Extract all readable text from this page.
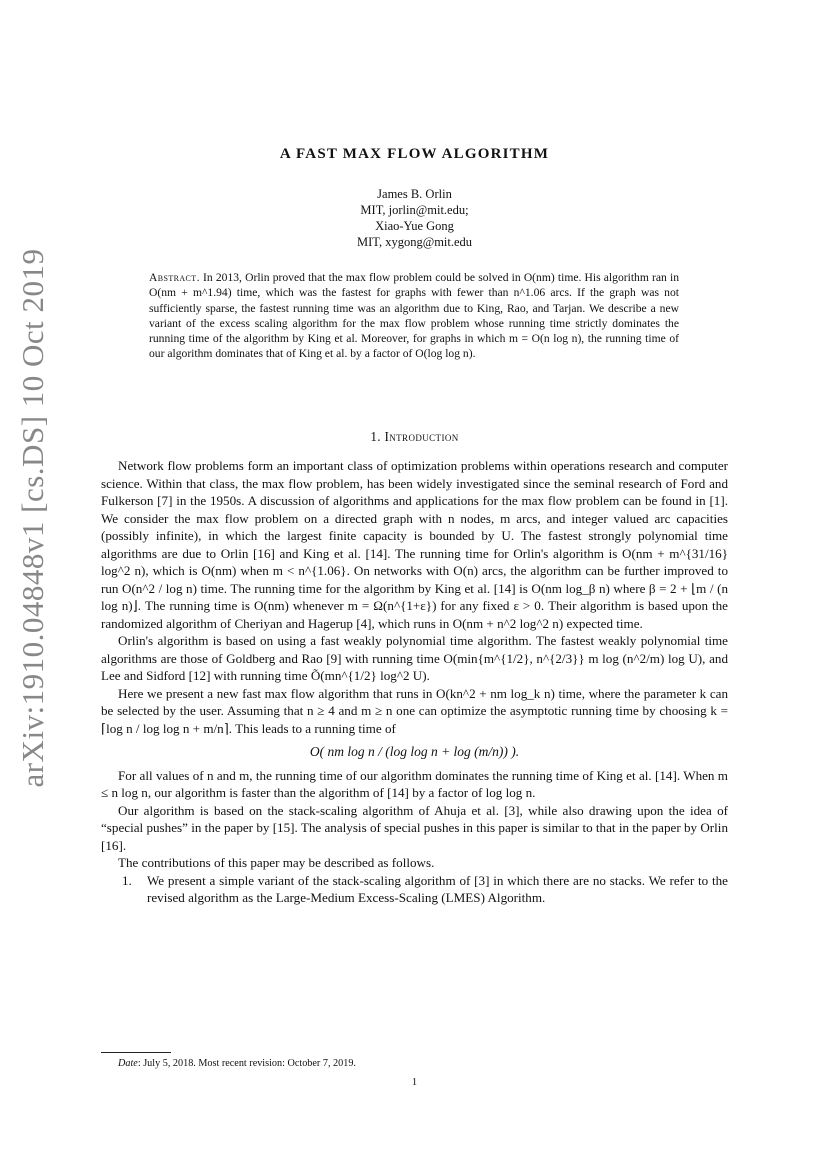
arXiv:1910.04848v1 [cs.DS] 10 Oct 2019
A FAST MAX FLOW ALGORITHM
James B. Orlin
MIT, jorlin@mit.edu;
Xiao-Yue Gong
MIT, xygong@mit.edu
Abstract. In 2013, Orlin proved that the max flow problem could be solved in O(nm) time. His algorithm ran in O(nm + m^1.94) time, which was the fastest for graphs with fewer than n^1.06 arcs. If the graph was not sufficiently sparse, the fastest running time was an algorithm due to King, Rao, and Tarjan. We describe a new variant of the excess scaling algorithm for the max flow problem whose running time strictly dominates the running time of the algorithm by King et al. Moreover, for graphs in which m = O(n log n), the running time of our algorithm dominates that of King et al. by a factor of O(log log n).
1. Introduction

Network flow problems form an important class of optimization problems within operations research and computer science. Within that class, the max flow problem, has been widely investigated since the seminal research of Ford and Fulkerson [7] in the 1950s. A discussion of algorithms and applications for the max flow problem can be found in [1]. We consider the max flow problem on a directed graph with n nodes, m arcs, and integer valued arc capacities (possibly infinite), in which the largest finite capacity is bounded by U. The fastest strongly polynomial time algorithms are due to Orlin [16] and King et al. [14]. The running time for Orlin's algorithm is O(nm + m^{31/16} log^2 n), which is O(nm) when m < n^{1.06}. On networks with O(n) arcs, the algorithm can be further improved to run O(n^2 / log n) time. The running time for the algorithm by King et al. [14] is O(nm log_β n) where β = 2 + ⌊m / (n log n)⌋. The running time is O(nm) whenever m = Ω(n^{1+ε}) for any fixed ε > 0. Their algorithm is based upon the randomized algorithm of Cheriyan and Hagerup [4], which runs in O(nm + n^2 log^2 n) expected time.

Orlin's algorithm is based on using a fast weakly polynomial time algorithm. The fastest weakly polynomial time algorithms are those of Goldberg and Rao [9] with running time O(min{m^{1/2}, n^{2/3}} m log (n^2/m) log U), and Lee and Sidford [12] with running time Õ(mn^{1/2} log^2 U).

Here we present a new fast max flow algorithm that runs in O(kn^2 + nm log_k n) time, where the parameter k can be selected by the user. Assuming that n ≥ 4 and m ≥ n one can optimize the asymptotic running time by choosing k = ⌈log n / log log n + m/n⌉. This leads to a running time of

O( nm log n / (log log n + log (m/n)) ).

For all values of n and m, the running time of our algorithm dominates the running time of King et al. [14]. When m ≤ n log n, our algorithm is faster than the algorithm of [14] by a factor of log log n.

Our algorithm is based on the stack-scaling algorithm of Ahuja et al. [3], while also drawing upon the idea of “special pushes” in the paper by [15]. The analysis of special pushes in this paper is similar to that in the paper by Orlin [16].

The contributions of this paper may be described as follows.

1. We present a simple variant of the stack-scaling algorithm of [3] in which there are no stacks. We refer to the revised algorithm as the Large-Medium Excess-Scaling (LMES) Algorithm.
Date: July 5, 2018. Most recent revision: October 7, 2019.
1
